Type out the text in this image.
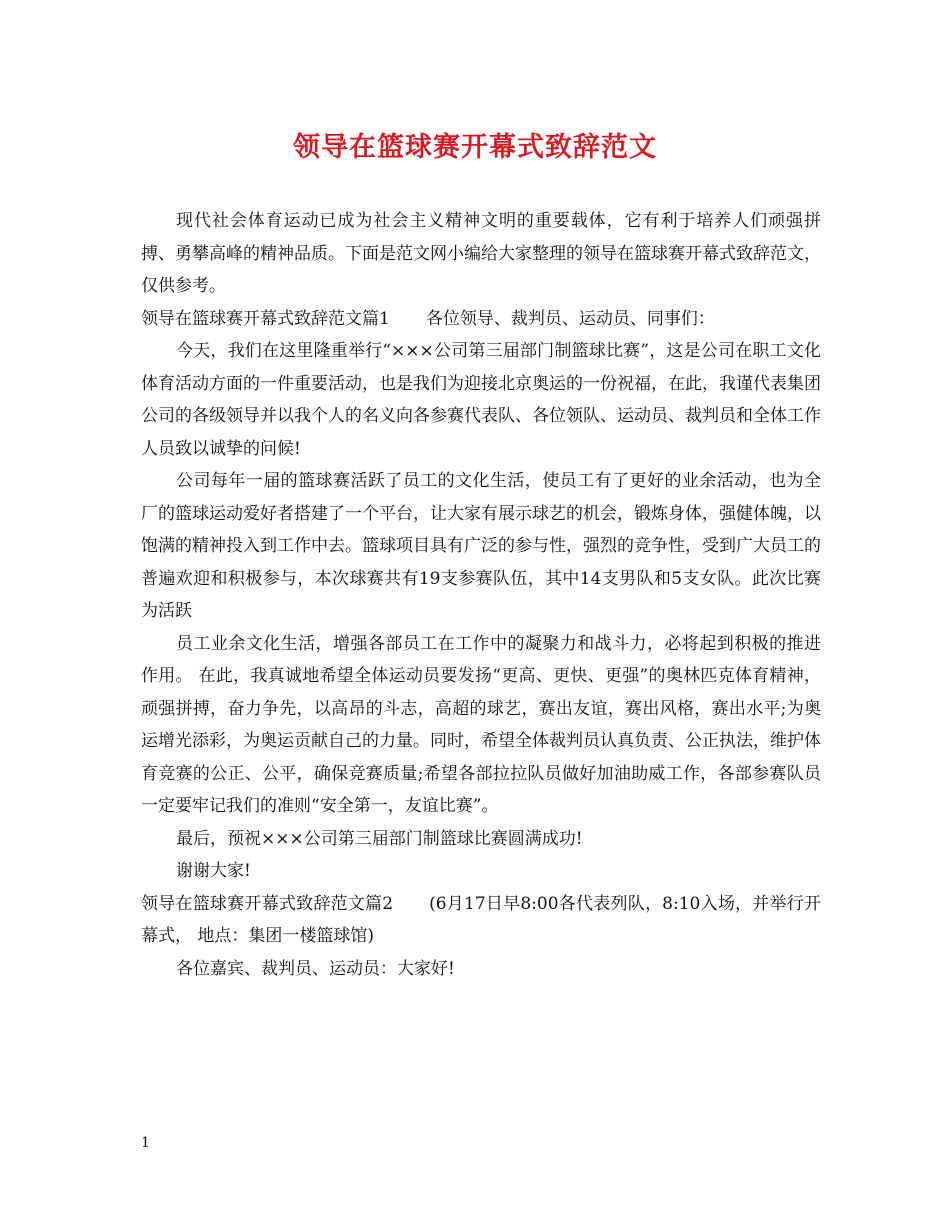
领导在篮球赛开幕式致辞范文

现代社会体育运动已成为社会主义精神文明的重要载体，它有利于培养人们顽强拼搏、勇攀高峰的精神品质。下面是范文网小编给大家整理的领导在篮球赛开幕式致辞范文，仅供参考。

领导在篮球赛开幕式致辞范文篇1 各位领导、裁判员、运动员、同事们：

今天，我们在这里隆重举行“×××公司第三届部门制篮球比赛”，这是公司在职工文化体育活动方面的一件重要活动，也是我们为迎接北京奥运的一份祝福，在此，我谨代表集团公司的各级领导并以我个人的名义向各参赛代表队、各位领队、运动员、裁判员和全体工作人员致以诚挚的问候!

公司每年一届的篮球赛活跃了员工的文化生活，使员工有了更好的业余活动，也为全厂的篮球运动爱好者搭建了一个平台，让大家有展示球艺的机会，锻炼身体，强健体魄，以饱满的精神投入到工作中去。篮球项目具有广泛的参与性，强烈的竞争性，受到广大员工的普遍欢迎和积极参与，本次球赛共有19支参赛队伍，其中14支男队和5支女队。此次比赛为活跃

员工业余文化生活，增强各部员工在工作中的凝聚力和战斗力，必将起到积极的推进作用。 在此，我真诚地希望全体运动员要发扬“更高、更快、更强”的奥林匹克体育精神，顽强拼搏，奋力争先，以高昂的斗志，高超的球艺，赛出友谊，赛出风格，赛出水平;为奥运增光添彩，为奥运贡献自己的力量。同时，希望全体裁判员认真负责、公正执法，维护体育竞赛的公正、公平，确保竞赛质量;希望各部拉拉队员做好加油助威工作，各部参赛队员一定要牢记我们的准则“安全第一，友谊比赛”。

最后，预祝×××公司第三届部门制篮球比赛圆满成功!

谢谢大家!

领导在篮球赛开幕式致辞范文篇2 (6月17日早8:00各代表列队，8:10入场，并举行开幕式， 地点：集团一楼篮球馆)

各位嘉宾、裁判员、运动员：大家好!

1
